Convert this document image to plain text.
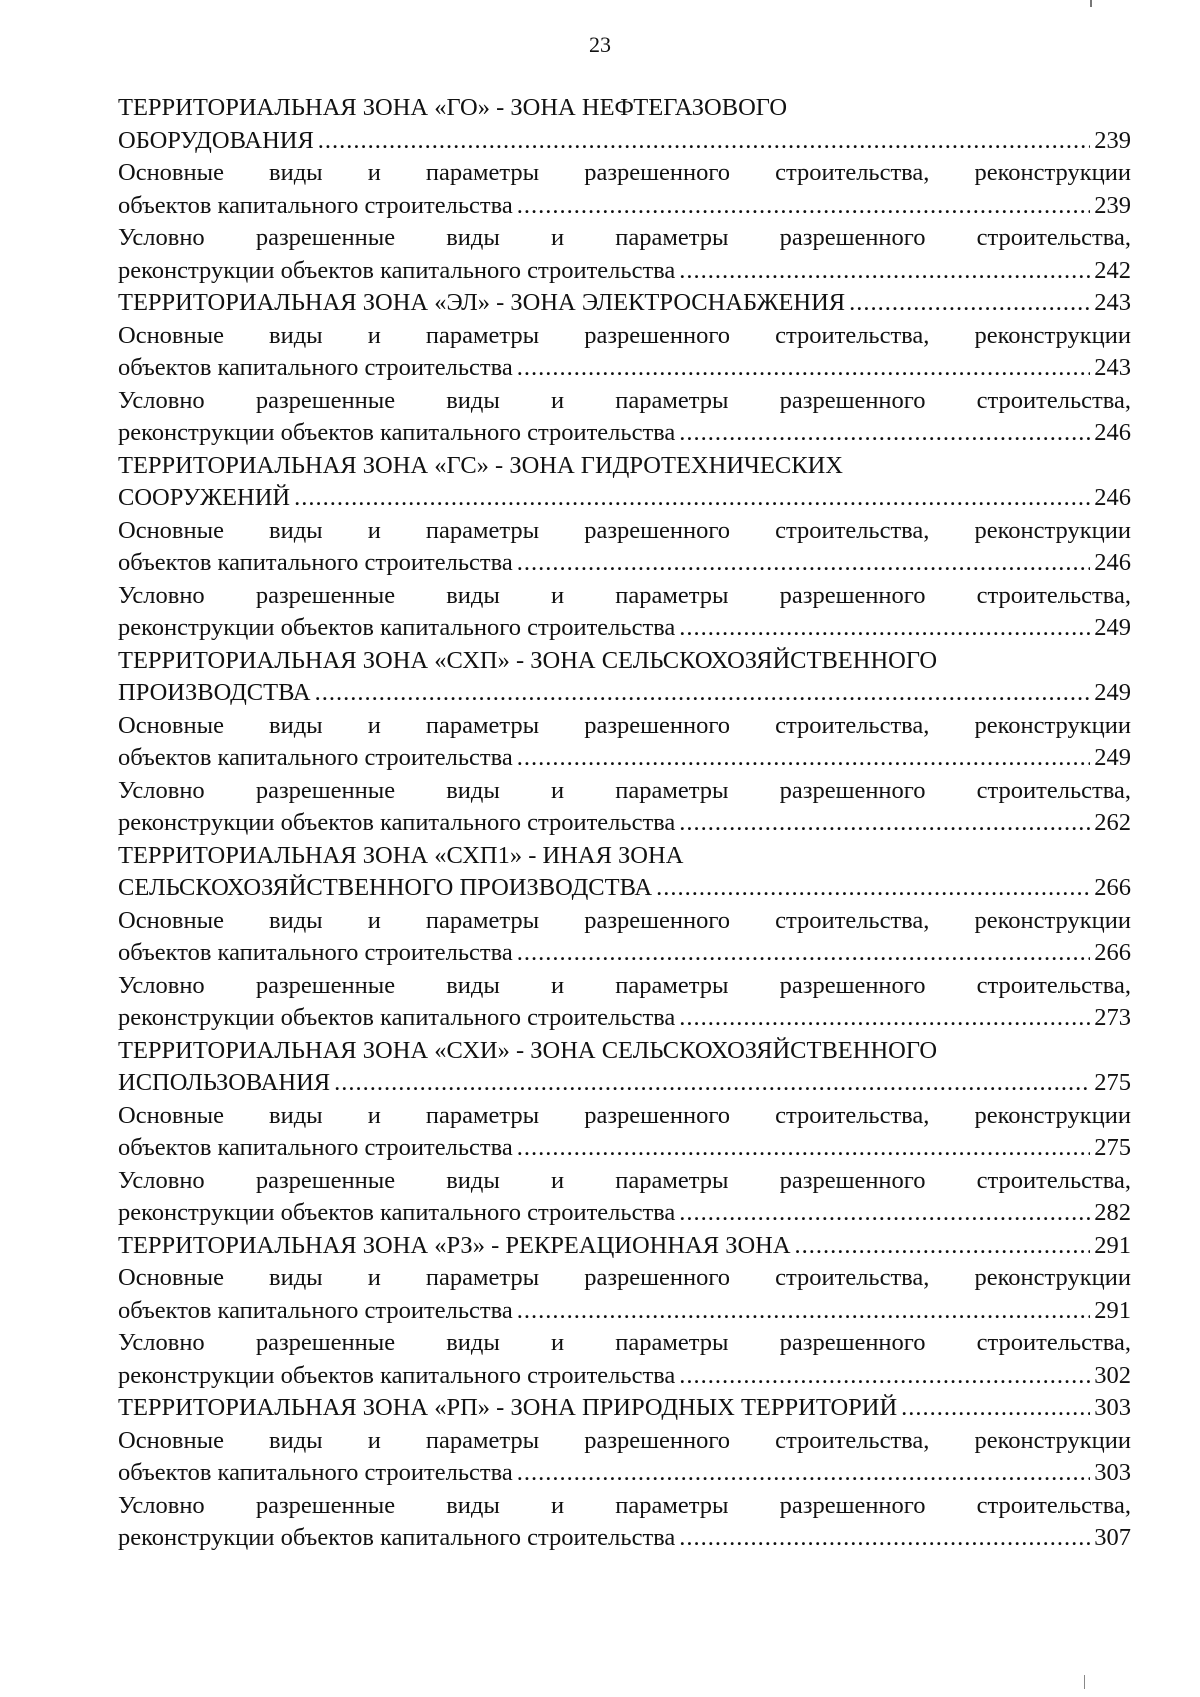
23
ТЕРРИТОРИАЛЬНАЯ ЗОНА «ГО» - ЗОНА НЕФТЕГАЗОВОГО
ОБОРУДОВАНИЯ .....	239
Основные виды и параметры разрешенного строительства, реконструкции
объектов капитального строительства .....	239
Условно разрешенные виды и параметры разрешенного строительства,
реконструкции объектов капитального строительства .....	242
ТЕРРИТОРИАЛЬНАЯ ЗОНА «ЭЛ» - ЗОНА ЭЛЕКТРОСНАБЖЕНИЯ .....	243
Основные виды и параметры разрешенного строительства, реконструкции
объектов капитального строительства .....	243
Условно разрешенные виды и параметры разрешенного строительства,
реконструкции объектов капитального строительства .....	246
ТЕРРИТОРИАЛЬНАЯ ЗОНА «ГС» - ЗОНА ГИДРОТЕХНИЧЕСКИХ
СООРУЖЕНИЙ .....	246
Основные виды и параметры разрешенного строительства, реконструкции
объектов капитального строительства .....	246
Условно разрешенные виды и параметры разрешенного строительства,
реконструкции объектов капитального строительства .....	249
ТЕРРИТОРИАЛЬНАЯ ЗОНА «СХП» - ЗОНА СЕЛЬСКОХОЗЯЙСТВЕННОГО
ПРОИЗВОДСТВА .....	249
Основные виды и параметры разрешенного строительства, реконструкции
объектов капитального строительства .....	249
Условно разрешенные виды и параметры разрешенного строительства,
реконструкции объектов капитального строительства .....	262
ТЕРРИТОРИАЛЬНАЯ ЗОНА «СХП1» - ИНАЯ ЗОНА
СЕЛЬСКОХОЗЯЙСТВЕННОГО ПРОИЗВОДСТВА .....	266
Основные виды и параметры разрешенного строительства, реконструкции
объектов капитального строительства .....	266
Условно разрешенные виды и параметры разрешенного строительства,
реконструкции объектов капитального строительства .....	273
ТЕРРИТОРИАЛЬНАЯ ЗОНА «СХИ» - ЗОНА СЕЛЬСКОХОЗЯЙСТВЕННОГО
ИСПОЛЬЗОВАНИЯ .....	275
Основные виды и параметры разрешенного строительства, реконструкции
объектов капитального строительства .....	275
Условно разрешенные виды и параметры разрешенного строительства,
реконструкции объектов капитального строительства .....	282
ТЕРРИТОРИАЛЬНАЯ ЗОНА «РЗ» - РЕКРЕАЦИОННАЯ ЗОНА .....	291
Основные виды и параметры разрешенного строительства, реконструкции
объектов капитального строительства .....	291
Условно разрешенные виды и параметры разрешенного строительства,
реконструкции объектов капитального строительства .....	302
ТЕРРИТОРИАЛЬНАЯ ЗОНА «РП» - ЗОНА ПРИРОДНЫХ ТЕРРИТОРИЙ .....	303
Основные виды и параметры разрешенного строительства, реконструкции
объектов капитального строительства .....	303
Условно разрешенные виды и параметры разрешенного строительства,
реконструкции объектов капитального строительства .....	307
